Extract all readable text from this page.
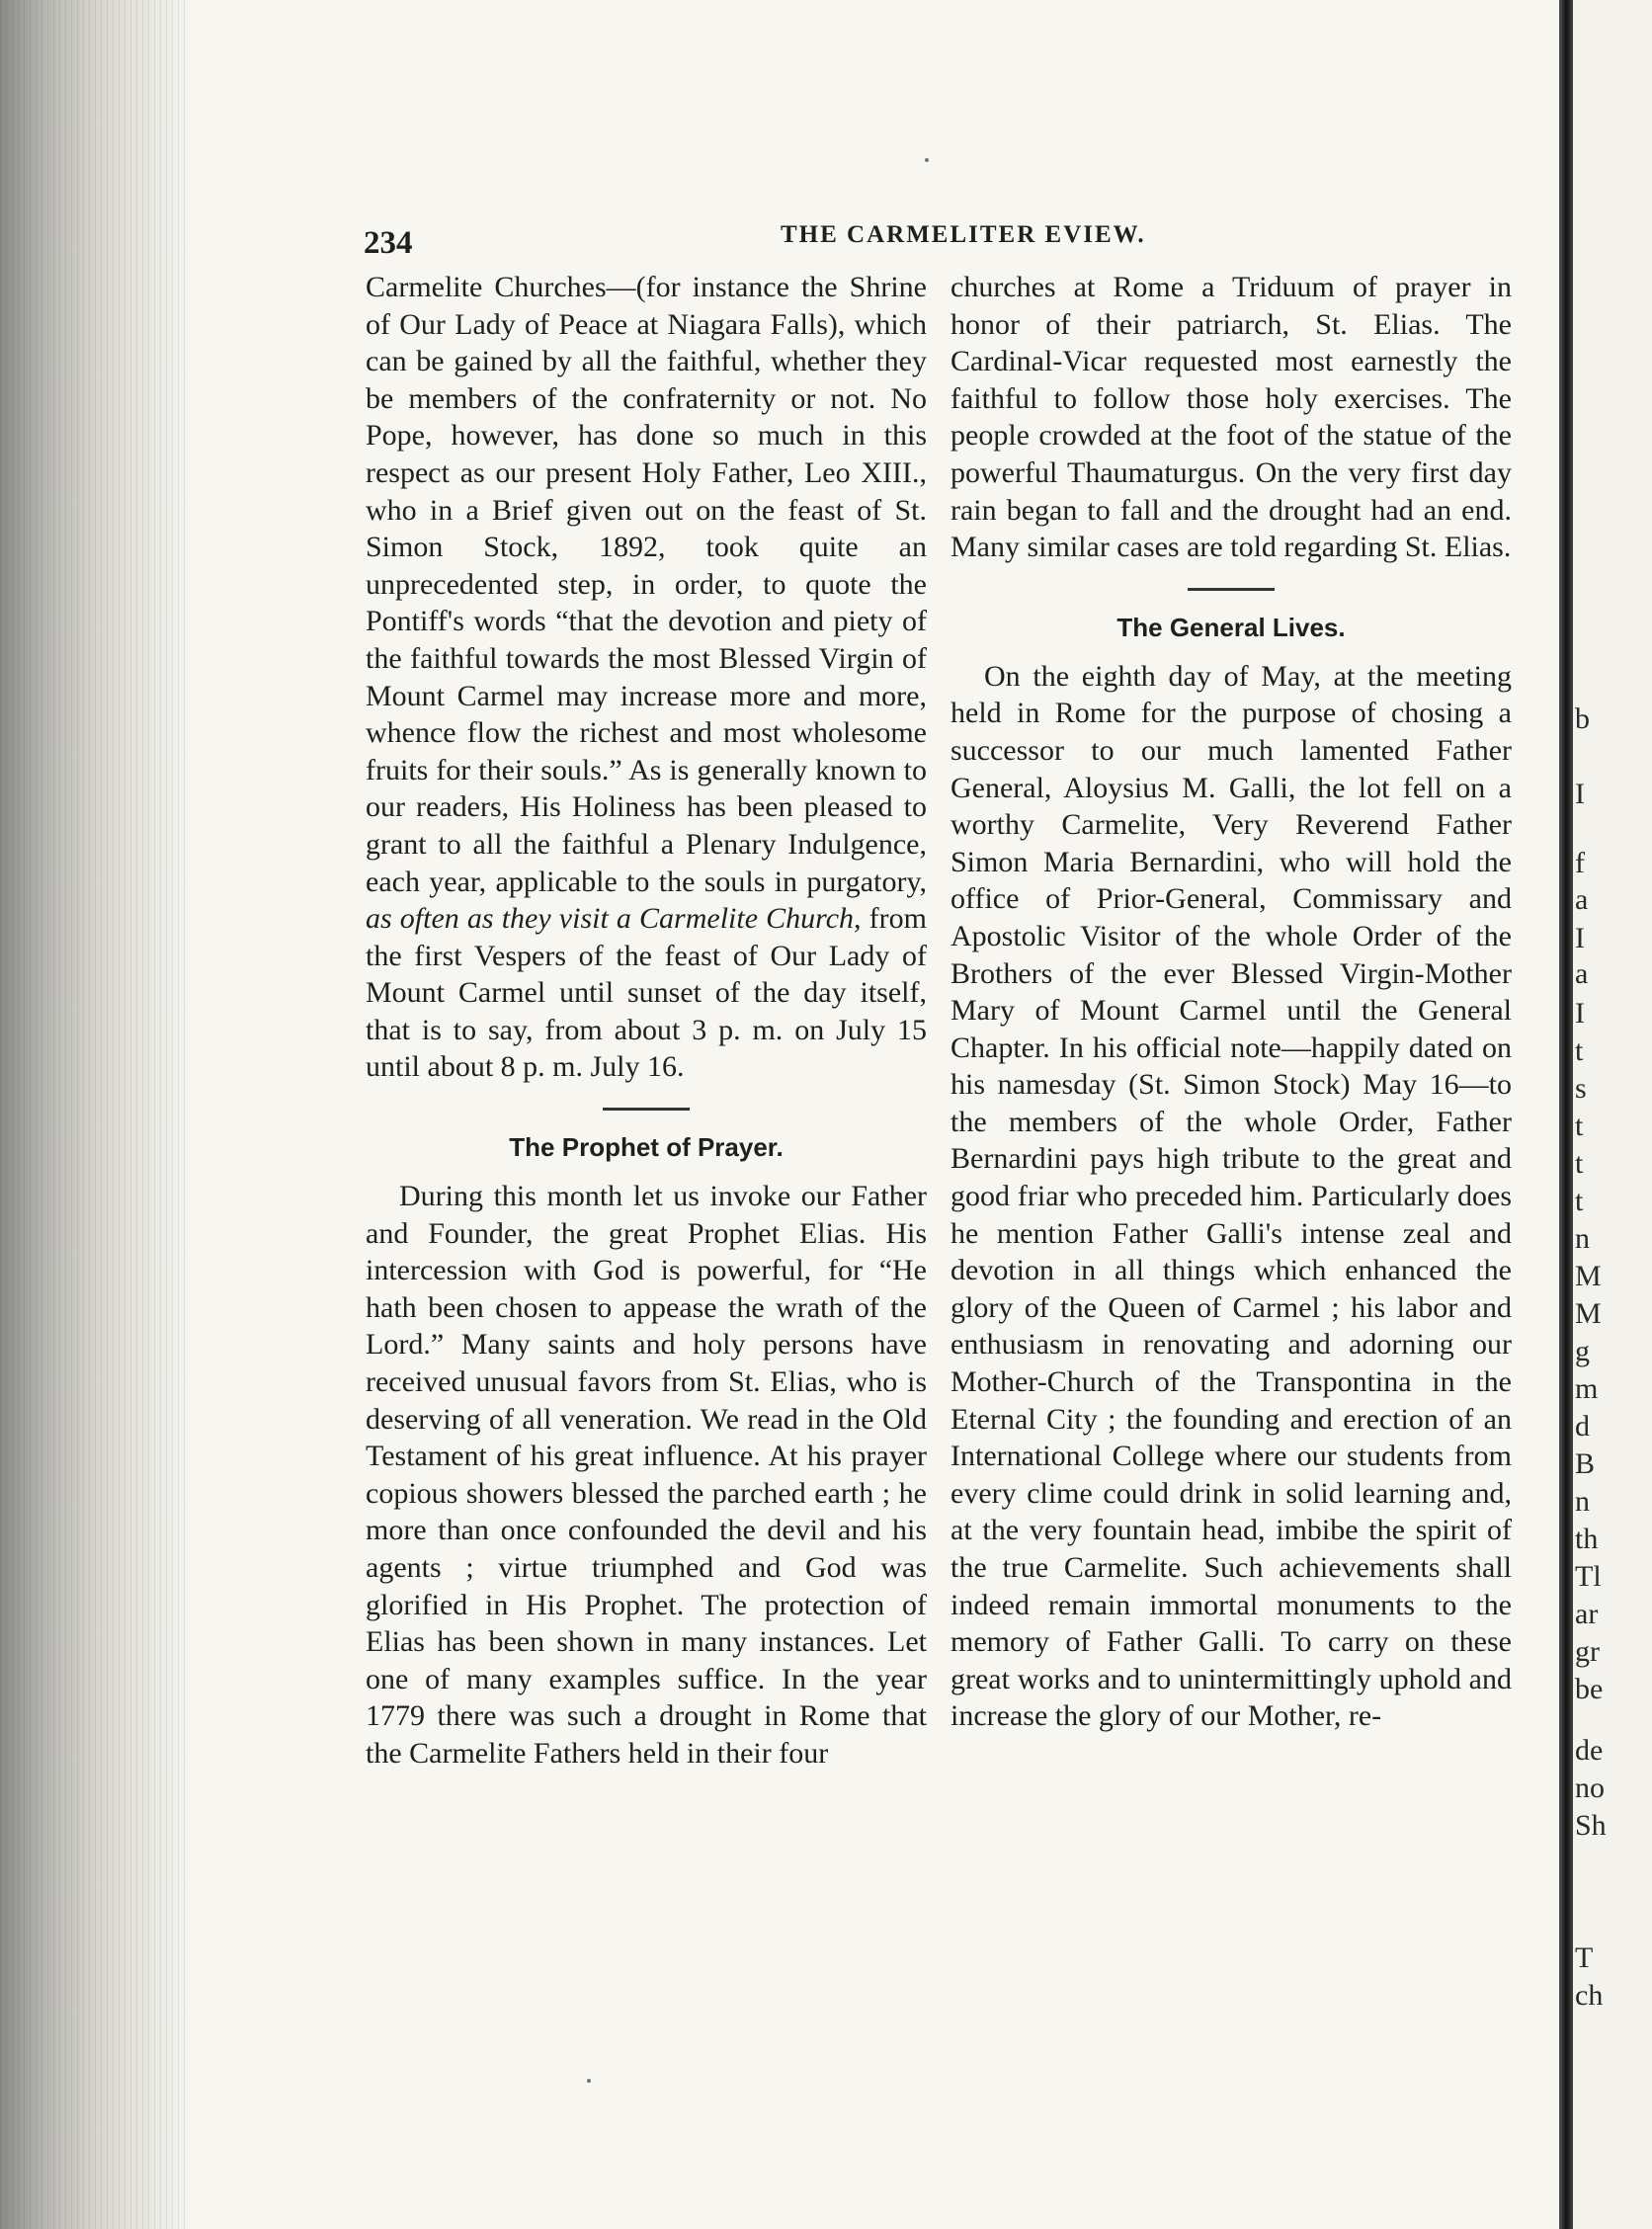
234	THE CARMELITER EVIEW.

Carmelite Churches—(for instance the Shrine of Our Lady of Peace at Niagara Falls), which can be gained by all the faithful, whether they be members of the confraternity or not. No Pope, however, has done so much in this respect as our present Holy Father, Leo XIII., who in a Brief given out on the feast of St. Simon Stock, 1892, took quite an unprecedented step, in order, to quote the Pontiff's words “that the devotion and piety of the faithful towards the most Blessed Virgin of Mount Carmel may increase more and more, whence flow the richest and most wholesome fruits for their souls.” As is generally known to our readers, His Holiness has been pleased to grant to all the faithful a Plenary Indulgence, each year, applicable to the souls in purgatory, as often as they visit a Carmelite Church, from the first Vespers of the feast of Our Lady of Mount Carmel until sunset of the day itself, that is to say, from about 3 p. m. on July 15 until about 8 p. m. July 16.

The Prophet of Prayer.

During this month let us invoke our Father and Founder, the great Prophet Elias. His intercession with God is powerful, for “He hath been chosen to appease the wrath of the Lord.” Many saints and holy persons have received unusual favors from St. Elias, who is deserving of all veneration. We read in the Old Testament of his great influence. At his prayer copious showers blessed the parched earth ; he more than once confounded the devil and his agents ; virtue triumphed and God was glorified in His Prophet. The protection of Elias has been shown in many instances. Let one of many examples suffice. In the year 1779 there was such a drought in Rome that the Carmelite Fathers held in their four

churches at Rome a Triduum of prayer in honor of their patriarch, St. Elias. The Cardinal-Vicar requested most earnestly the faithful to follow those holy exercises. The people crowded at the foot of the statue of the powerful Thaumaturgus. On the very first day rain began to fall and the drought had an end. Many similar cases are told regarding St. Elias.

The General Lives.

On the eighth day of May, at the meeting held in Rome for the purpose of chosing a successor to our much lamented Father General, Aloysius M. Galli, the lot fell on a worthy Carmelite, Very Reverend Father Simon Maria Bernardini, who will hold the office of Prior-General, Commissary and Apostolic Visitor of the whole Order of the Brothers of the ever Blessed Virgin-Mother Mary of Mount Carmel until the General Chapter. In his official note—happily dated on his namesday (St. Simon Stock) May 16—to the members of the whole Order, Father Bernardini pays high tribute to the great and good friar who preceded him. Particularly does he mention Father Galli's intense zeal and devotion in all things which enhanced the glory of the Queen of Carmel ; his labor and enthusiasm in renovating and adorning our Mother-Church of the Transpontina in the Eternal City ; the founding and erection of an International College where our students from every clime could drink in solid learning and, at the very fountain head, imbibe the spirit of the true Carmelite. Such achievements shall indeed remain immortal monuments to the memory of Father Galli. To carry on these great works and to unintermittingly uphold and increase the glory of our Mother, re-

b
I
f
a
I
a
I
t
s
t
t
t
n
M
M
g
m
d
B
n
th
Tl
ar
gr
be
de
no
Sh
T
ch
